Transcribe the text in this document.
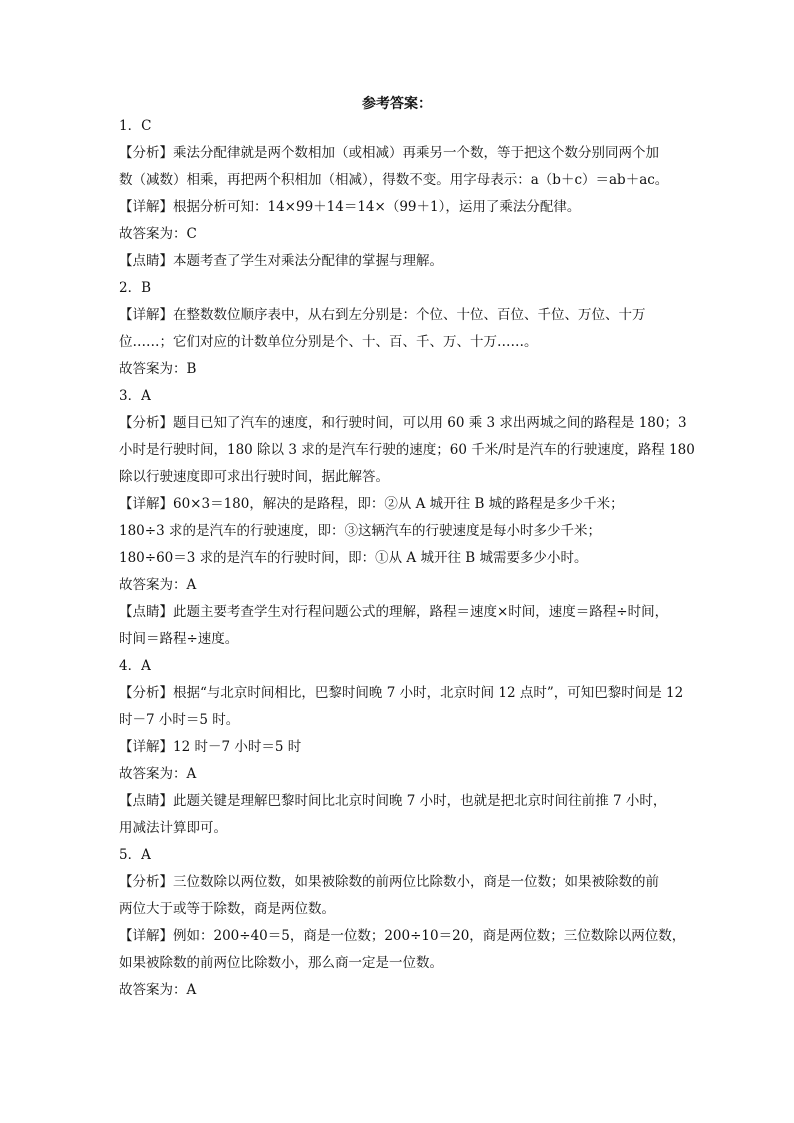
参考答案：
1．C
【分析】乘法分配律就是两个数相加（或相减）再乘另一个数，等于把这个数分别同两个加
数（减数）相乘，再把两个积相加（相减），得数不变。用字母表示：a（b＋c）＝ab＋ac。
【详解】根据分析可知：14×99＋14＝14×（99＋1），运用了乘法分配律。
故答案为：C
【点睛】本题考查了学生对乘法分配律的掌握与理解。
2．B
【详解】在整数数位顺序表中，从右到左分别是：个位、十位、百位、千位、万位、十万
位……；它们对应的计数单位分别是个、十、百、千、万、十万……。
故答案为：B
3．A
【分析】题目已知了汽车的速度，和行驶时间，可以用 60 乘 3 求出两城之间的路程是 180；3
小时是行驶时间，180 除以 3 求的是汽车行驶的速度；60 千米/时是汽车的行驶速度，路程 180
除以行驶速度即可求出行驶时间，据此解答。
【详解】60×3＝180，解决的是路程，即：②从 A 城开往 B 城的路程是多少千米；
180÷3 求的是汽车的行驶速度，即：③这辆汽车的行驶速度是每小时多少千米；
180÷60＝3 求的是汽车的行驶时间，即：①从 A 城开往 B 城需要多少小时。
故答案为：A
【点睛】此题主要考查学生对行程问题公式的理解，路程＝速度×时间，速度＝路程÷时间，
时间＝路程÷速度。
4．A
【分析】根据“与北京时间相比，巴黎时间晚 7 小时，北京时间 12 点时”，可知巴黎时间是 12
时－7 小时＝5 时。
【详解】12 时－7 小时＝5 时
故答案为：A
【点睛】此题关键是理解巴黎时间比北京时间晚 7 小时，也就是把北京时间往前推 7 小时，
用减法计算即可。
5．A
【分析】三位数除以两位数，如果被除数的前两位比除数小，商是一位数；如果被除数的前
两位大于或等于除数，商是两位数。
【详解】例如：200÷40＝5，商是一位数；200÷10＝20，商是两位数；三位数除以两位数，
如果被除数的前两位比除数小，那么商一定是一位数。
故答案为：A
